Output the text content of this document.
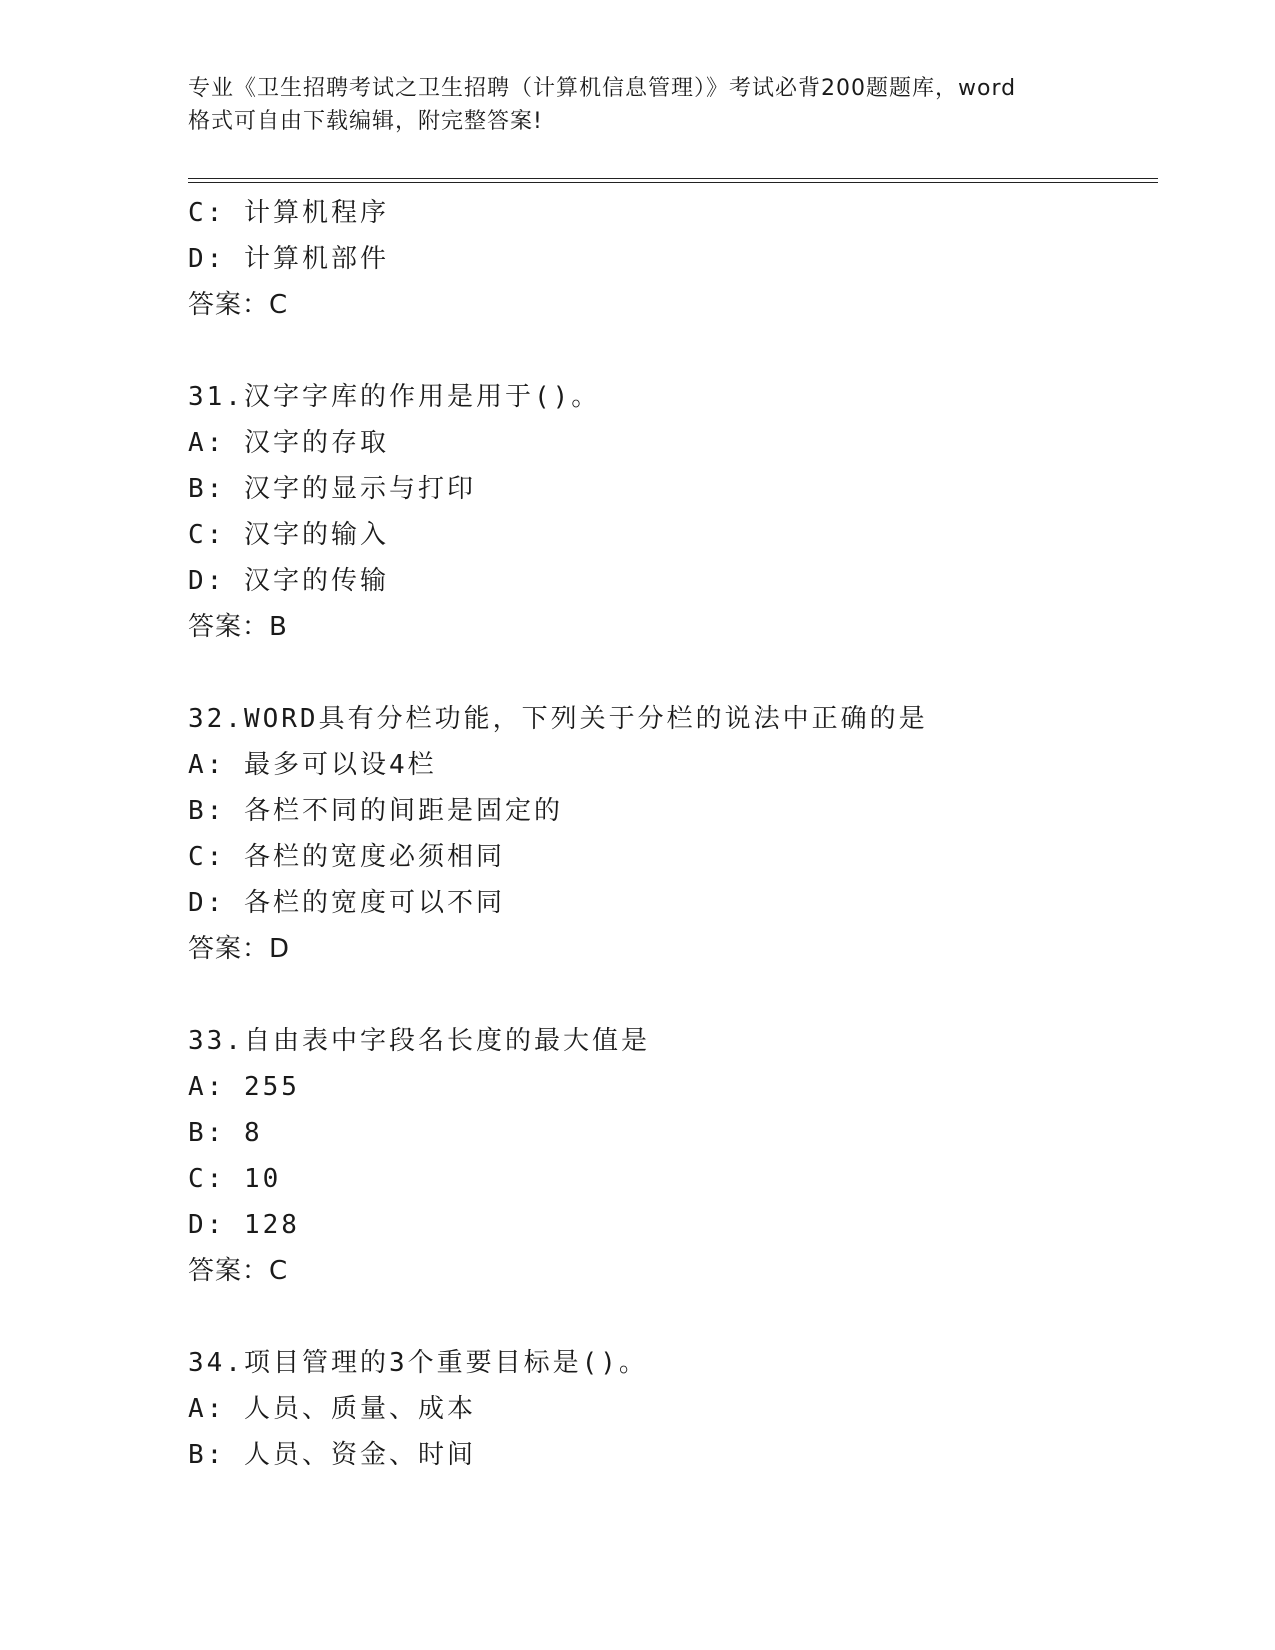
专业《卫生招聘考试之卫生招聘（计算机信息管理）》考试必背200题题库，word
格式可自由下载编辑，附完整答案!
C: 计算机程序
D: 计算机部件
答案：C
31.汉字字库的作用是用于()。
A: 汉字的存取
B: 汉字的显示与打印
C: 汉字的输入
D: 汉字的传输
答案：B
32.WORD具有分栏功能，下列关于分栏的说法中正确的是
A: 最多可以设4栏
B: 各栏不同的间距是固定的
C: 各栏的宽度必须相同
D: 各栏的宽度可以不同
答案：D
33.自由表中字段名长度的最大值是
A: 255
B: 8
C: 10
D: 128
答案：C
34.项目管理的3个重要目标是()。
A: 人员、质量、成本
B: 人员、资金、时间
